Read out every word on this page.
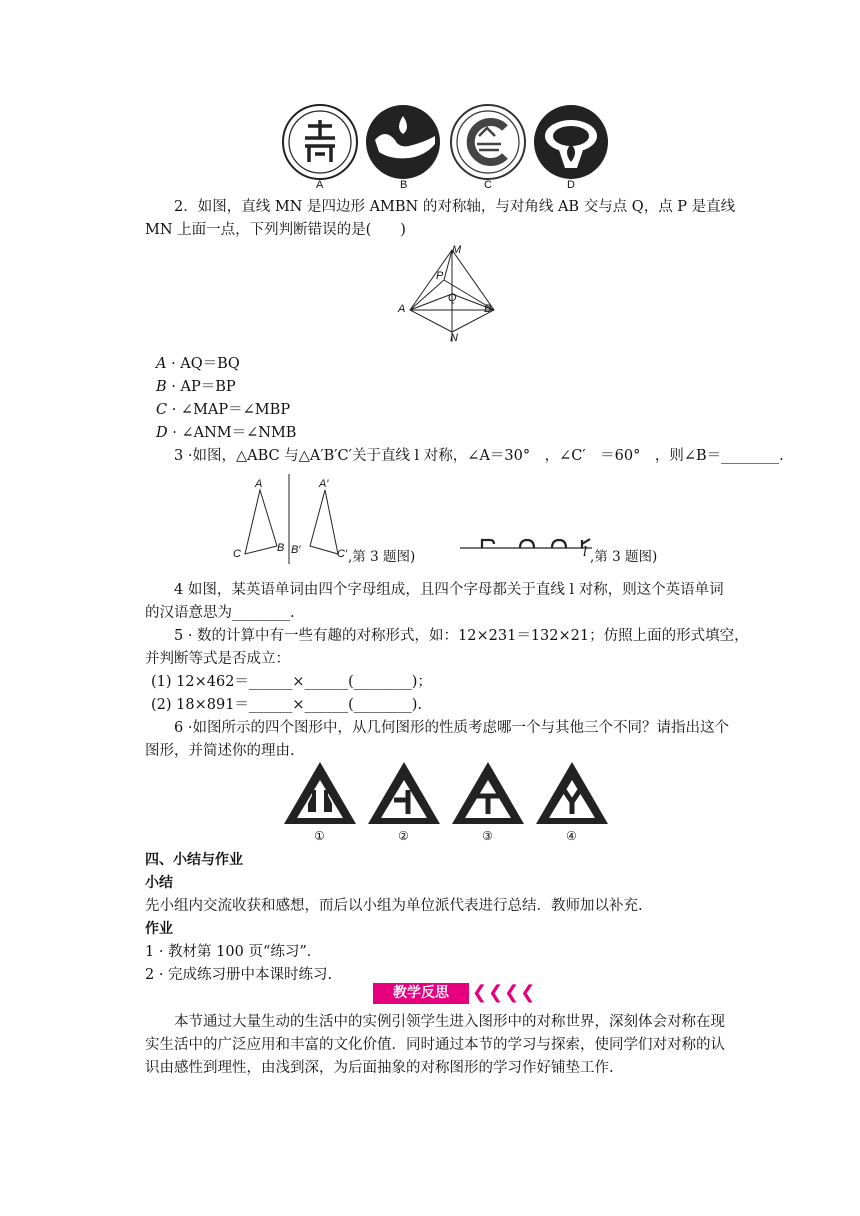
A	B	C	D
2．如图，直线 MN 是四边形 AMBN 的对称轴，与对角线 AB 交与点 Q，点 P 是直线
MN 上面一点，下列判断错误的是(　　)
M
P
Q
A	B
N
A · AQ＝BQ
B · AP＝BP
C · ∠MAP＝∠MBP
D · ∠ANM＝∠NMB
3 ·如图，△ABC 与△A′B′C′关于直线 l 对称，∠A＝30°　，∠C′　＝60°　，则∠B＝________.
A
C	B
A′
B′	C′ ,第 3 题图)	l ,第 3 题图)
4 如图，某英语单词由四个字母组成，且四个字母都关于直线 l 对称，则这个英语单词
的汉语意思为________.
5 · 数的计算中有一些有趣的对称形式，如：12×231＝132×21；仿照上面的形式填空，
并判断等式是否成立：
(1) 12×462＝______×______(________)；
(2) 18×891＝______×______(________).
6 ·如图所示的四个图形中，从几何图形的性质考虑哪一个与其他三个不同？请指出这个
图形，并简述你的理由.
①	②	③	④
四、小结与作业
小结
先小组内交流收获和感想，而后以小组为单位派代表进行总结．教师加以补充.
作业
1 · 教材第 100 页“练习”．
2 · 完成练习册中本课时练习.
教学反思	❮❮❮❮
本节通过大量生动的生活中的实例引领学生进入图形中的对称世界，深刻体会对称在现
实生活中的广泛应用和丰富的文化价值．同时通过本节的学习与探索，使同学们对对称的认
识由感性到理性，由浅到深，为后面抽象的对称图形的学习作好铺垫工作.
